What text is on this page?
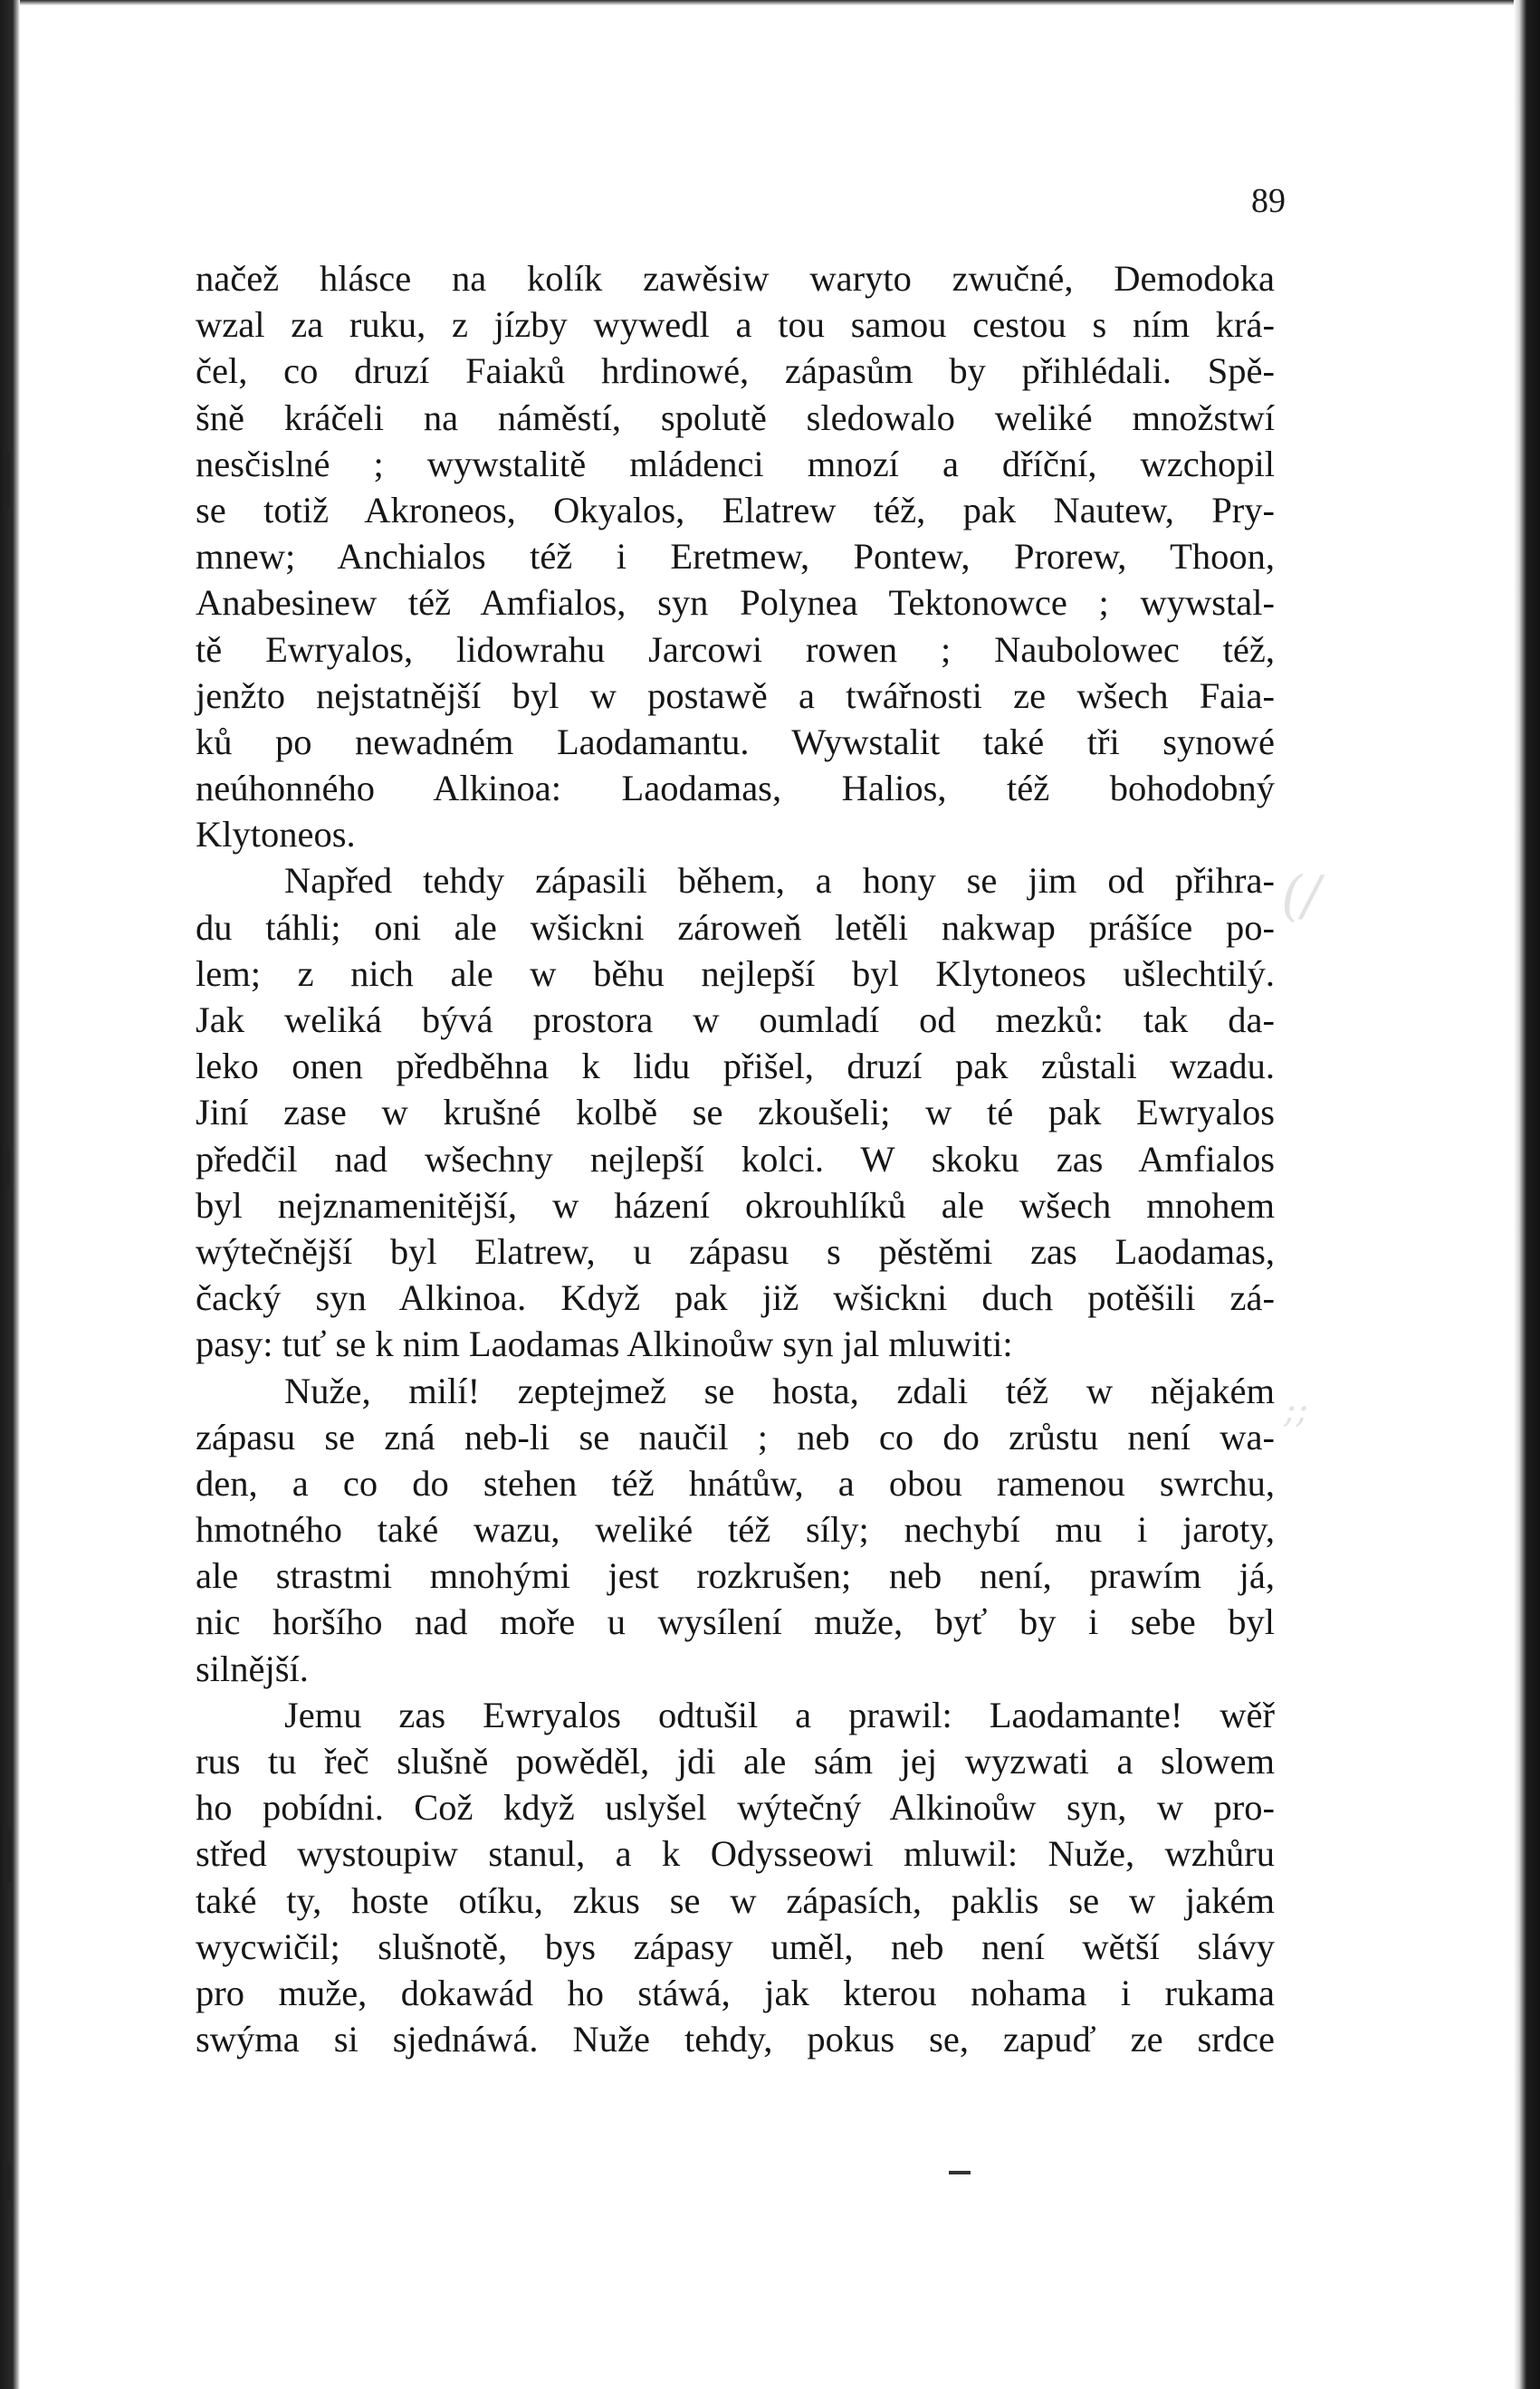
(/
;;
89
načež hlásce na kolík zawěsiw waryto zwučné, Demodoka
wzal za ruku, z jízby wywedl a tou samou cestou s ním krá-
čel, co druzí Faiaků hrdinowé, zápasům by přihlédali. Spě-
šně kráčeli na náměstí, spolutě sledowalo weliké množstwí
nesčislné ; wywstalitě mládenci mnozí a dříční, wzchopil
se totiž Akroneos, Okyalos, Elatrew též, pak Nautew, Pry-
mnew; Anchialos též i Eretmew, Pontew, Prorew, Thoon,
Anabesinew též Amfialos, syn Polynea Tektonowce ; wywstal-
tě Ewryalos, lidowrahu Jarcowi rowen ; Naubolowec též,
jenžto nejstatnější byl w postawě a twářnosti ze wšech Faia-
ků po newadném Laodamantu. Wywstalit také tři synowé
neúhonného Alkinoa: Laodamas, Halios, též bohodobný
Klytoneos.
Napřed tehdy zápasili během, a hony se jim od přihra-
du táhli; oni ale wšickni zároweň letěli nakwap prášíce po-
lem; z nich ale w běhu nejlepší byl Klytoneos ušlechtilý.
Jak weliká bývá prostora w oumladí od mezků: tak da-
leko onen předběhna k lidu přišel, druzí pak zůstali wzadu.
Jiní zase w krušné kolbě se zkoušeli; w té pak Ewryalos
předčil nad wšechny nejlepší kolci. W skoku zas Amfialos
byl nejznamenitější, w házení okrouhlíků ale wšech mnohem
wýtečnější byl Elatrew, u zápasu s pěstěmi zas Laodamas,
čacký syn Alkinoa. Když pak již wšickni duch potěšili zá-
pasy: tuť se k nim Laodamas Alkinoůw syn jal mluwiti:
Nuže, milí! zeptejmež se hosta, zdali též w nějakém
zápasu se zná neb-li se naučil ; neb co do zrůstu není wa-
den, a co do stehen též hnátůw, a obou ramenou swrchu,
hmotného také wazu, weliké též síly; nechybí mu i jaroty,
ale strastmi mnohými jest rozkrušen; neb není, prawím já,
nic horšího nad moře u wysílení muže, byť by i sebe byl
silnější.
Jemu zas Ewryalos odtušil a prawil: Laodamante! wěř
rus tu řeč slušně powěděl, jdi ale sám jej wyzwati a slowem
ho pobídni. Což když uslyšel wýtečný Alkinoůw syn, w pro-
střed wystoupiw stanul, a k Odysseowi mluwil: Nuže, wzhůru
také ty, hoste otíku, zkus se w zápasích, paklis se w jakém
wycwičil; slušnotě, bys zápasy uměl, neb není wětší slávy
pro muže, dokawád ho stáwá, jak kterou nohama i rukama
swýma si sjednáwá. Nuže tehdy, pokus se, zapuď ze srdce
